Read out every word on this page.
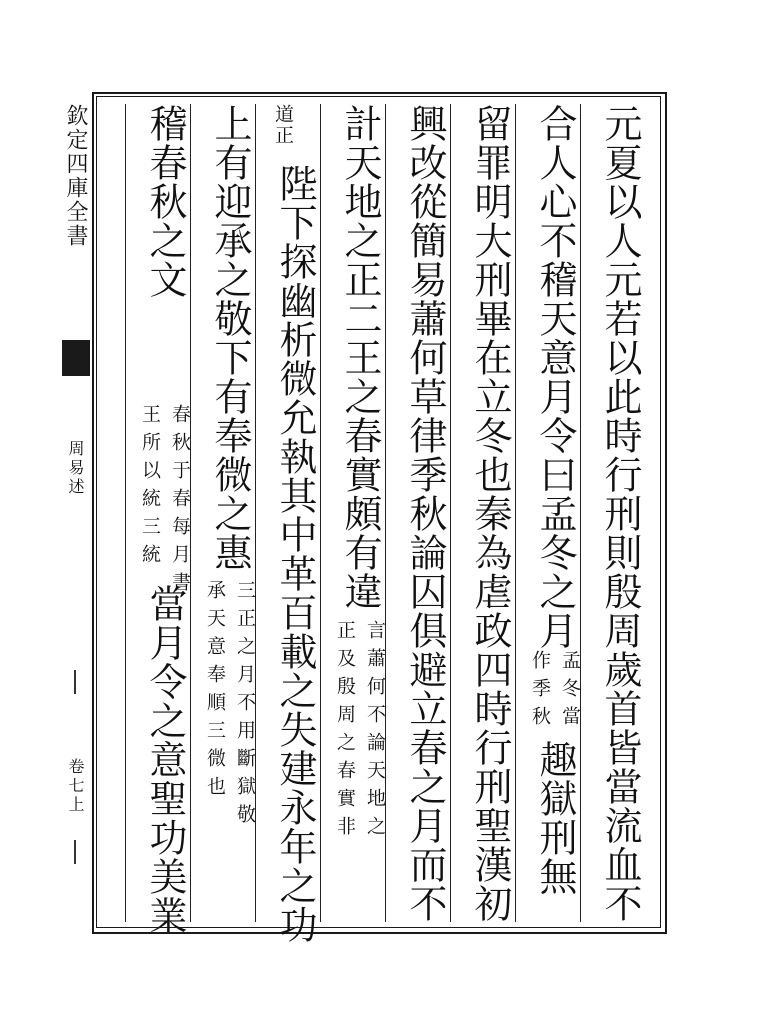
欽定四庫全書
周易述
卷七上	元夏以人元若以此時行刑則殷周歲首皆當流血不
合人心不稽天意月令曰孟冬之月
孟冬當
作季秋
趣獄刑無
留罪明大刑畢在立冬也秦為虐政四時行刑聖漢初
興改從簡易蕭何草律季秋論囚俱避立春之月而不
計天地之正二王之春實頗有違
言蕭何不論天地之
正及殷周之春實非
道正
陛下探幽析微允執其中革百載之失建永年之功
上有迎承之敬下有奉微之惠
三正之月不用斷獄敬
承天意奉順三微也
稽春秋之文
春秋于春每月書
王所以統三統
當月令之意聖功美業
